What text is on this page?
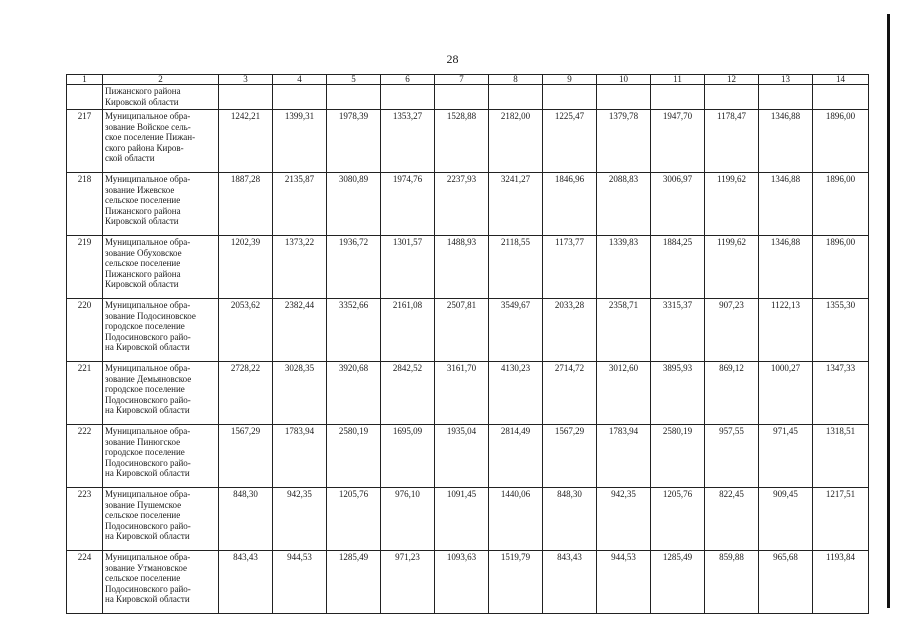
28
1	2	3	4	5	6	7	8	9	10	11	12	13	14

	Пижанского района
Кировской области												

217	Муниципальное обра-
зование Войское сель-
ское поселение Пижан-
ского района Киров-
ской области	1242,21	1399,31	1978,39	1353,27	1528,88	2182,00	1225,47	1379,78	1947,70	1178,47	1346,88	1896,00
218	Муниципальное обра-
зование Ижевское
сельское поселение
Пижанского района
Кировской области	1887,28	2135,87	3080,89	1974,76	2237,93	3241,27	1846,96	2088,83	3006,97	1199,62	1346,88	1896,00
219	Муниципальное обра-
зование Обуховское
сельское поселение
Пижанского района
Кировской области	1202,39	1373,22	1936,72	1301,57	1488,93	2118,55	1173,77	1339,83	1884,25	1199,62	1346,88	1896,00
220	Муниципальное обра-
зование Подосиновское
городское поселение
Подосиновского райо-
на Кировской области	2053,62	2382,44	3352,66	2161,08	2507,81	3549,67	2033,28	2358,71	3315,37	907,23	1122,13	1355,30
221	Муниципальное обра-
зование Демьяновское
городское поселение
Подосиновского райо-
на Кировской области	2728,22	3028,35	3920,68	2842,52	3161,70	4130,23	2714,72	3012,60	3895,93	869,12	1000,27	1347,33
222	Муниципальное обра-
зование Пинюгское
городское поселение
Подосиновского райо-
на Кировской области	1567,29	1783,94	2580,19	1695,09	1935,04	2814,49	1567,29	1783,94	2580,19	957,55	971,45	1318,51
223	Муниципальное обра-
зование Пушемское
сельское поселение
Подосиновского райо-
на Кировской области	848,30	942,35	1205,76	976,10	1091,45	1440,06	848,30	942,35	1205,76	822,45	909,45	1217,51
224	Муниципальное обра-
зование Утмановское
сельское поселение
Подосиновского райо-
на Кировской области	843,43	944,53	1285,49	971,23	1093,63	1519,79	843,43	944,53	1285,49	859,88	965,68	1193,84
